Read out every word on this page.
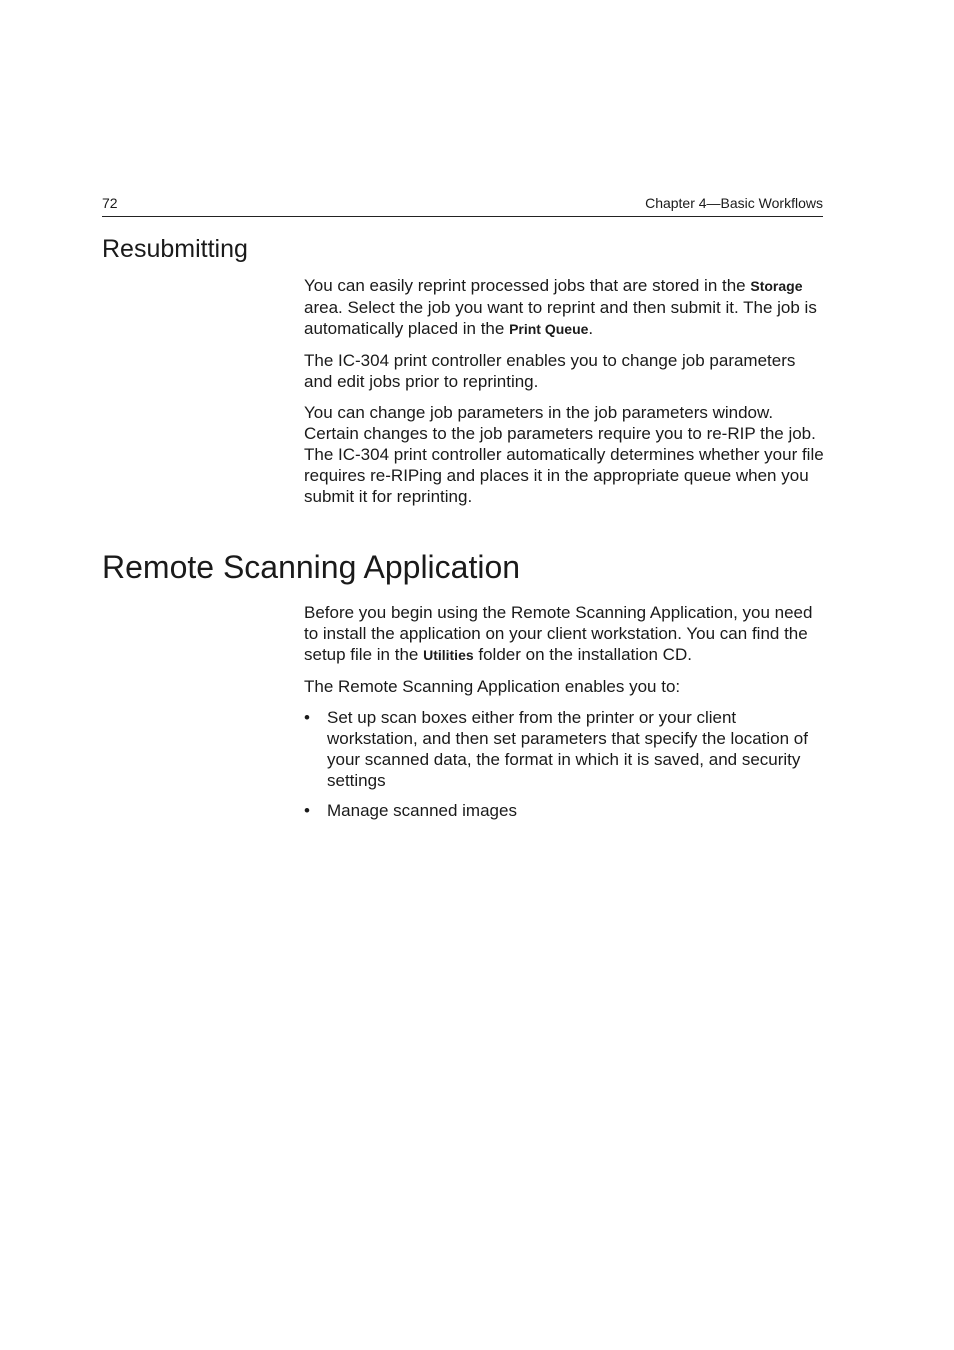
72	Chapter 4—Basic Workflows
Resubmitting

You can easily reprint processed jobs that are stored in the Storage area. Select the job you want to reprint and then submit it. The job is automatically placed in the Print Queue.

The IC-304 print controller enables you to change job parameters and edit jobs prior to reprinting.

You can change job parameters in the job parameters window. Certain changes to the job parameters require you to re-RIP the job. The IC-304 print controller automatically determines whether your file requires re-RIPing and places it in the appropriate queue when you submit it for reprinting.

Remote Scanning Application

Before you begin using the Remote Scanning Application, you need to install the application on your client workstation. You can find the setup file in the Utilities folder on the installation CD.

The Remote Scanning Application enables you to:

• Set up scan boxes either from the printer or your client workstation, and then set parameters that specify the location of your scanned data, the format in which it is saved, and security settings
• Manage scanned images
